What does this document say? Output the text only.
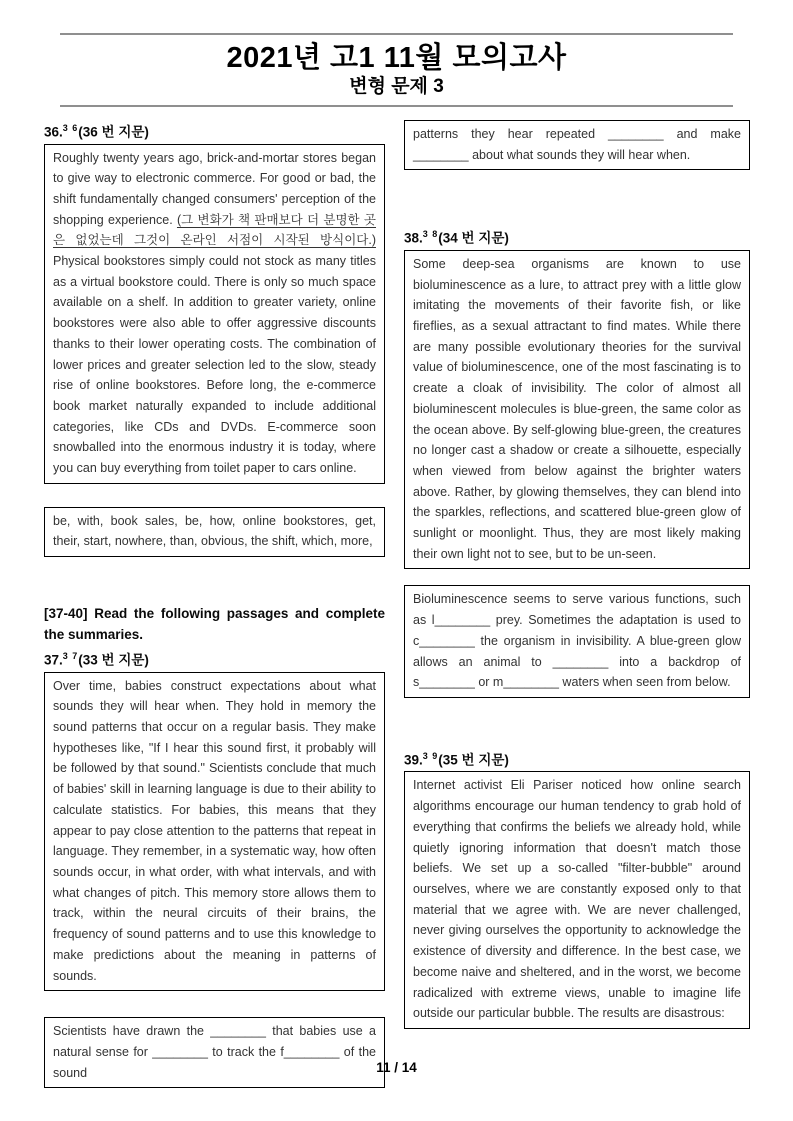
2021년 고1 11월 모의고사
변형 문제 3
36.$^{3 6}$(36 번 지문)
Roughly twenty years ago, brick-and-mortar stores began to give way to electronic commerce. For good or bad, the shift fundamentally changed consumers' perception of the shopping experience. (그 변화가 책 판매보다 더 분명한 곳은 없었는데 그것이 온라인 서점이 시작된 방식이다.) Physical bookstores simply could not stock as many titles as a virtual bookstore could. There is only so much space available on a shelf. In addition to greater variety, online bookstores were also able to offer aggressive discounts thanks to their lower operating costs. The combination of lower prices and greater selection led to the slow, steady rise of online bookstores. Before long, the e-commerce book market naturally expanded to include additional categories, like CDs and DVDs. E-commerce soon snowballed into the enormous industry it is today, where you can buy everything from toilet paper to cars online.
be, with, book sales, be, how, online bookstores, get, their, start, nowhere, than, obvious, the shift, which, more,
[37-40] Read the following passages and complete the summaries.
37.$^{3 7}$(33 번 지문)
Over time, babies construct expectations about what sounds they will hear when. They hold in memory the sound patterns that occur on a regular basis. They make hypotheses like, "If I hear this sound first, it probably will be followed by that sound." Scientists conclude that much of babies' skill in learning language is due to their ability to calculate statistics. For babies, this means that they appear to pay close attention to the patterns that repeat in language. They remember, in a systematic way, how often sounds occur, in what order, with what intervals, and with what changes of pitch. This memory store allows them to track, within the neural circuits of their brains, the frequency of sound patterns and to use this knowledge to make predictions about the meaning in patterns of sounds.
Scientists have drawn the ________ that babies use a natural sense for ________ to track the f________ of the sound
patterns they hear repeated ________ and make ________ about what sounds they will hear when.
38.$^{3 8}$(34 번 지문)
Some deep-sea organisms are known to use bioluminescence as a lure, to attract prey with a little glow imitating the movements of their favorite fish, or like fireflies, as a sexual attractant to find mates. While there are many possible evolutionary theories for the survival value of bioluminescence, one of the most fascinating is to create a cloak of invisibility. The color of almost all bioluminescent molecules is blue-green, the same color as the ocean above. By self-glowing blue-green, the creatures no longer cast a shadow or create a silhouette, especially when viewed from below against the brighter waters above. Rather, by glowing themselves, they can blend into the sparkles, reflections, and scattered blue-green glow of sunlight or moonlight. Thus, they are most likely making their own light not to see, but to be un-seen.
Bioluminescence seems to serve various functions, such as l________ prey. Sometimes the adaptation is used to c________ the organism in invisibility. A blue-green glow allows an animal to ________ into a backdrop of s________ or m________ waters when seen from below.
39.$^{3 9}$(35 번 지문)
Internet activist Eli Pariser noticed how online search algorithms encourage our human tendency to grab hold of everything that confirms the beliefs we already hold, while quietly ignoring information that doesn't match those beliefs. We set up a so-called "filter-bubble" around ourselves, where we are constantly exposed only to that material that we agree with. We are never challenged, never giving ourselves the opportunity to acknowledge the existence of diversity and difference. In the best case, we become naive and sheltered, and in the worst, we become radicalized with extreme views, unable to imagine life outside our particular bubble. The results are disastrous:
11 / 14
